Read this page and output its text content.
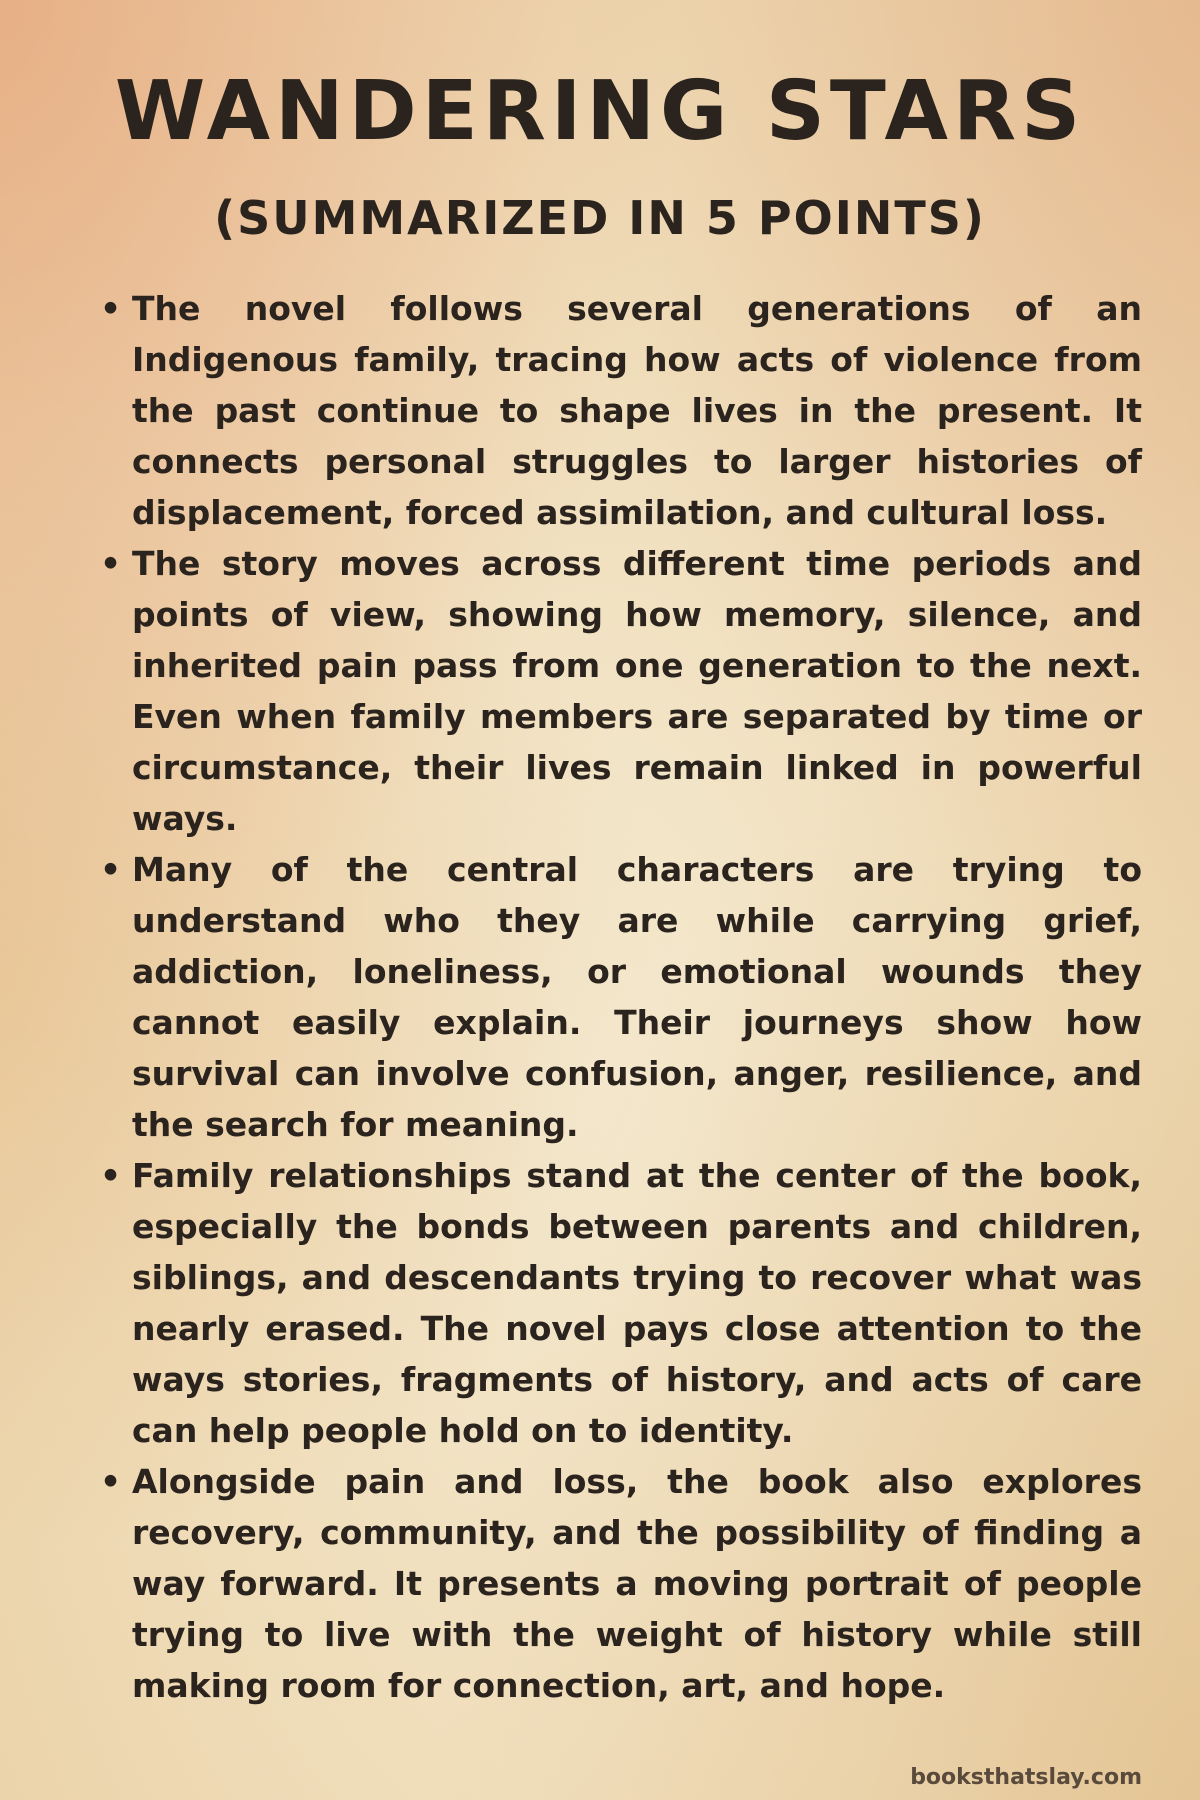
WANDERING STARS
(SUMMARIZED IN 5 POINTS)
• The novel follows several generations of an Indigenous family, tracing how acts of violence from the past continue to shape lives in the present. It connects personal struggles to larger histories of displacement, forced assimilation, and cultural loss.
• The story moves across different time periods and points of view, showing how memory, silence, and inherited pain pass from one generation to the next. Even when family members are separated by time or circumstance, their lives remain linked in powerful ways.
• Many of the central characters are trying to understand who they are while carrying grief, addiction, loneliness, or emotional wounds they cannot easily explain. Their journeys show how survival can involve confusion, anger, resilience, and the search for meaning.
• Family relationships stand at the center of the book, especially the bonds between parents and children, siblings, and descendants trying to recover what was nearly erased. The novel pays close attention to the ways stories, fragments of history, and acts of care can help people hold on to identity.
• Alongside pain and loss, the book also explores recovery, community, and the possibility of finding a way forward. It presents a moving portrait of people trying to live with the weight of history while still making room for connection, art, and hope.
booksthatslay.com
